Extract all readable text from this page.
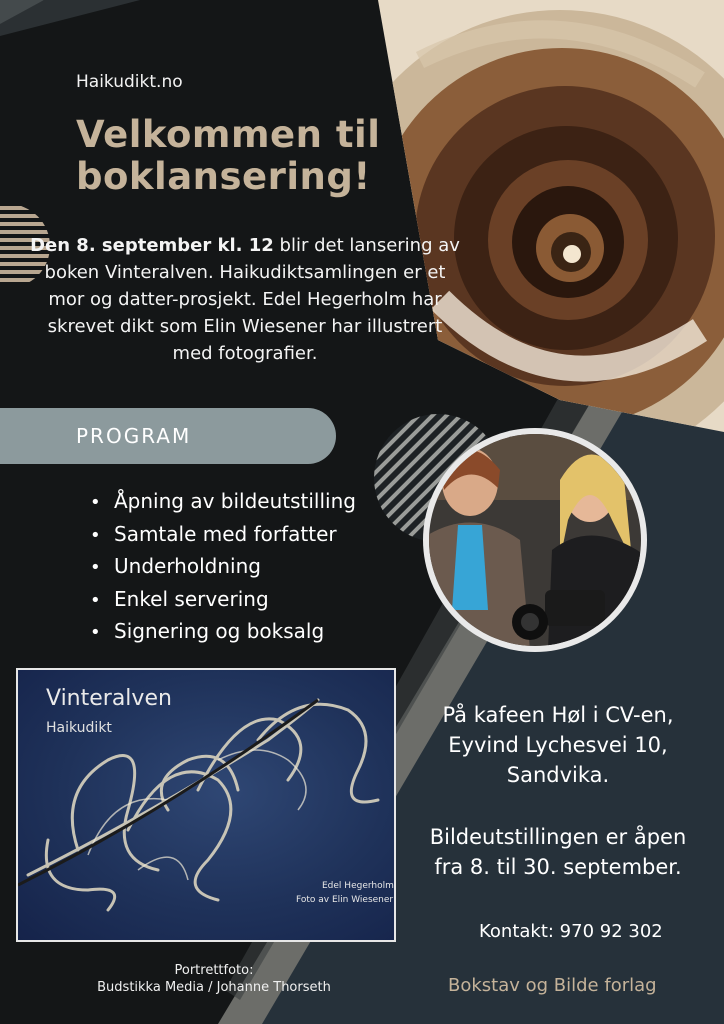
Haikudikt.no
Velkommen til
boklansering!
Den 8. september kl. 12 blir det lansering av boken Vinteralven. Haikudiktsamlingen er et mor og datter-prosjekt. Edel Hegerholm har skrevet dikt som Elin Wiesener har illustrert med fotografier.
PROGRAM
• Åpning av bildeutstilling
• Samtale med forfatter
• Underholdning
• Enkel servering
• Signering og boksalg
Vinteralven
Haikudikt
Edel Hegerholm
Foto av Elin Wiesener
Portrettfoto:
Budstikka Media / Johanne Thorseth
På kafeen Høl i CV-en,
Eyvind Lychesvei 10,
Sandvika.
Bildeutstillingen er åpen
fra 8. til 30. september.
Kontakt: 970 92 302
Bokstav og Bilde forlag
